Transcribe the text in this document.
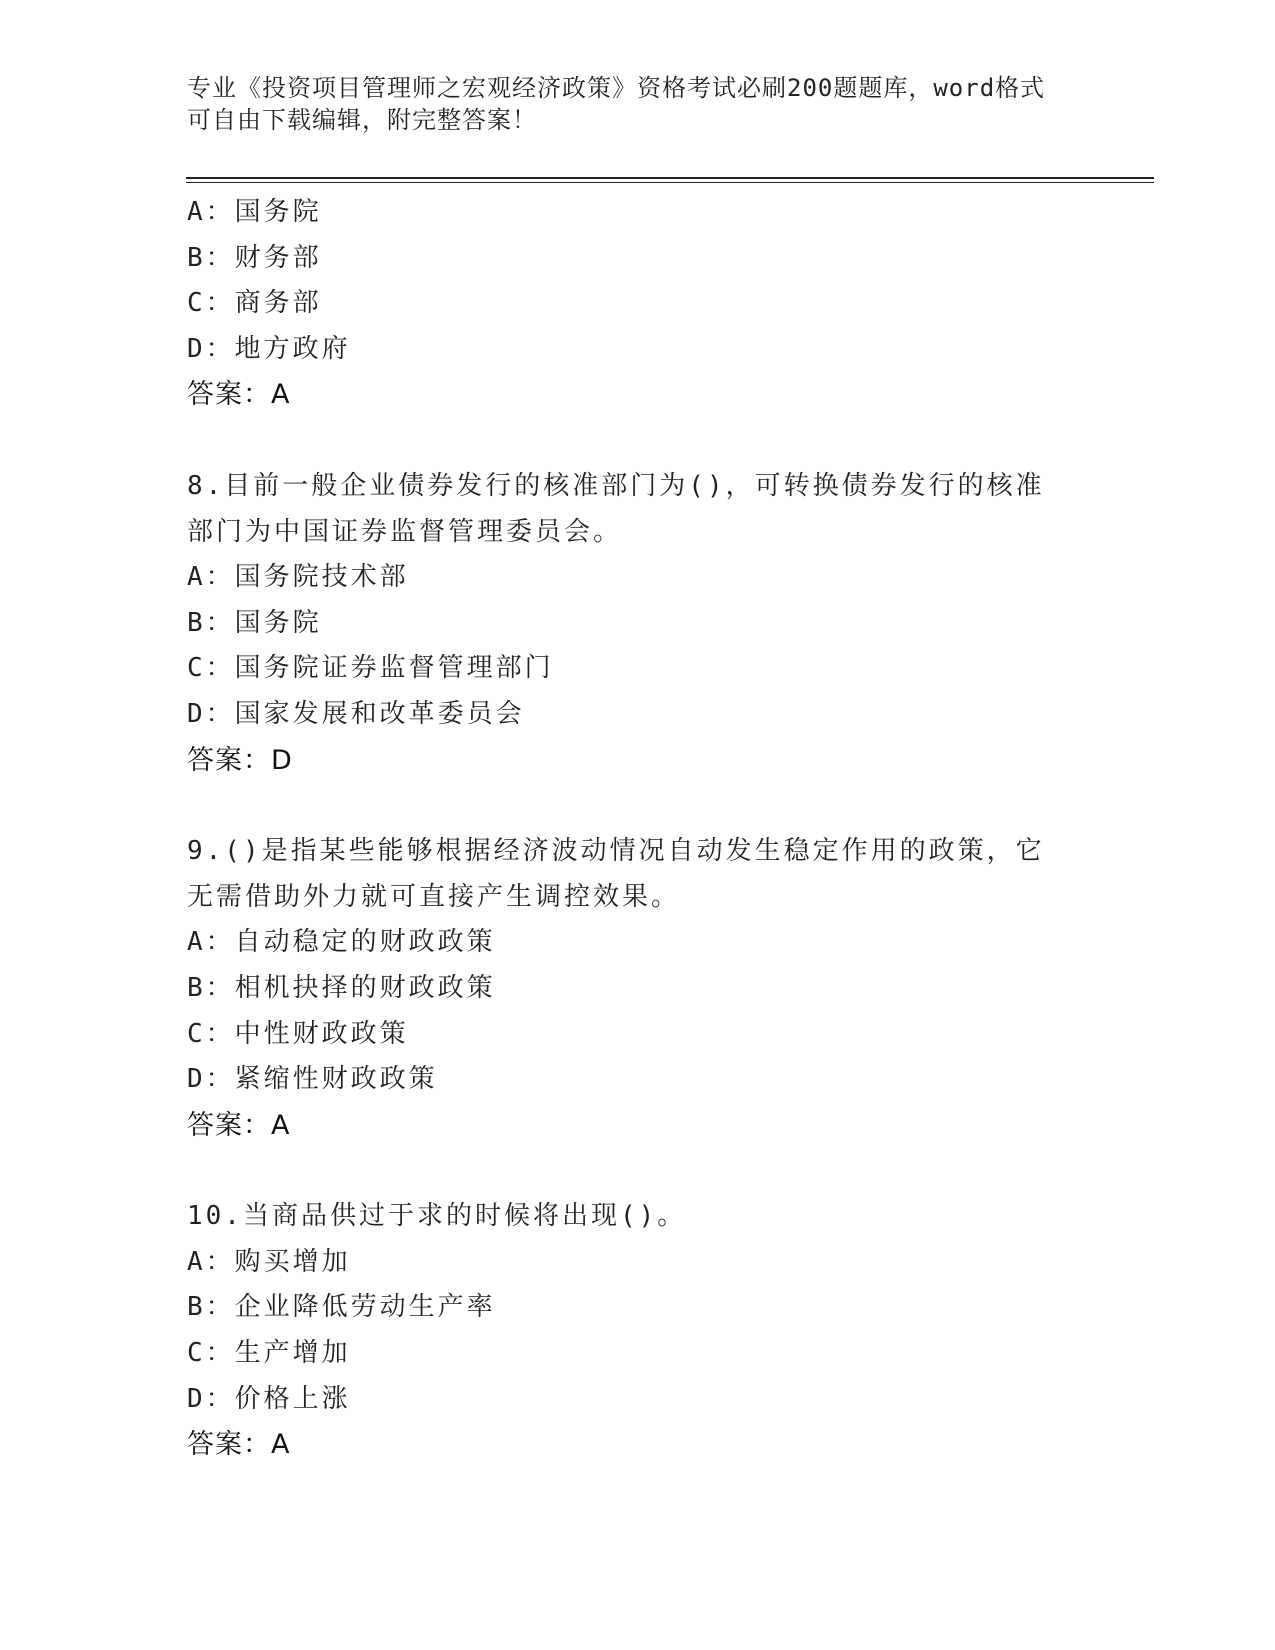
专业《投资项目管理师之宏观经济政策》资格考试必刷200题题库，word格式可自由下载编辑，附完整答案！
A：国务院
B：财务部
C：商务部
D：地方政府
答案：A
8.目前一般企业债券发行的核准部门为()，可转换债券发行的核准部门为中国证券监督管理委员会。
A：国务院技术部
B：国务院
C：国务院证券监督管理部门
D：国家发展和改革委员会
答案：D
9.()是指某些能够根据经济波动情况自动发生稳定作用的政策，它无需借助外力就可直接产生调控效果。
A：自动稳定的财政政策
B：相机抉择的财政政策
C：中性财政政策
D：紧缩性财政政策
答案：A
10.当商品供过于求的时候将出现()。
A：购买增加
B：企业降低劳动生产率
C：生产增加
D：价格上涨
答案：A
